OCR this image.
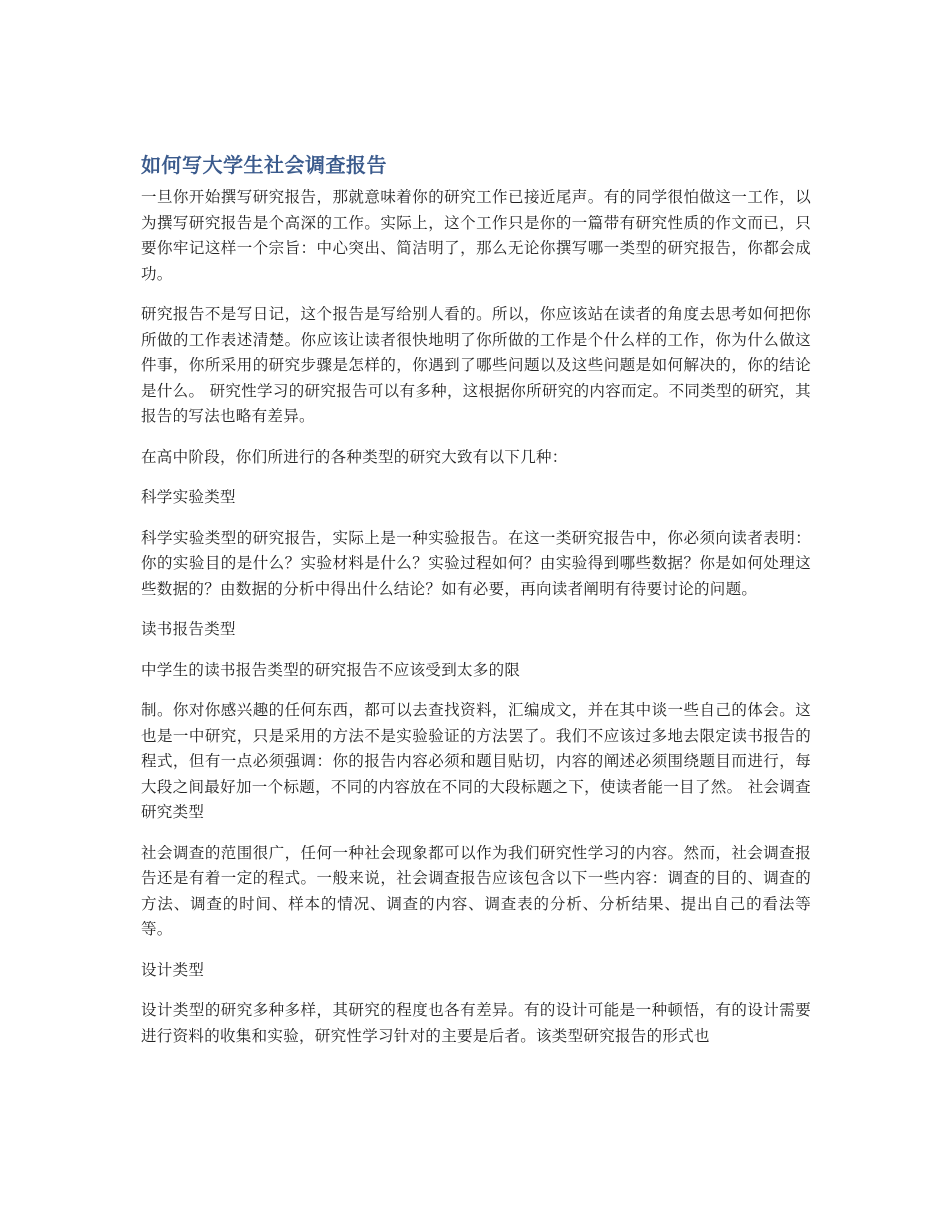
如何写大学生社会调查报告

一旦你开始撰写研究报告，那就意味着你的研究工作已接近尾声。有的同学很怕做这一工作，以为撰写研究报告是个高深的工作。实际上，这个工作只是你的一篇带有研究性质的作文而已，只要你牢记这样一个宗旨：中心突出、简洁明了，那么无论你撰写哪一类型的研究报告，你都会成功。

研究报告不是写日记，这个报告是写给别人看的。所以，你应该站在读者的角度去思考如何把你所做的工作表述清楚。你应该让读者很快地明了你所做的工作是个什么样的工作，你为什么做这件事，你所采用的研究步骤是怎样的，你遇到了哪些问题以及这些问题是如何解决的，你的结论是什么。 研究性学习的研究报告可以有多种，这根据你所研究的内容而定。不同类型的研究，其报告的写法也略有差异。

在高中阶段，你们所进行的各种类型的研究大致有以下几种：

科学实验类型

科学实验类型的研究报告，实际上是一种实验报告。在这一类研究报告中，你必须向读者表明：你的实验目的是什么？实验材料是什么？实验过程如何？由实验得到哪些数据？你是如何处理这些数据的？由数据的分析中得出什么结论？如有必要，再向读者阐明有待要讨论的问题。

读书报告类型

中学生的读书报告类型的研究报告不应该受到太多的限

制。你对你感兴趣的任何东西，都可以去查找资料，汇编成文，并在其中谈一些自己的体会。这也是一中研究，只是采用的方法不是实验验证的方法罢了。我们不应该过多地去限定读书报告的程式，但有一点必须强调：你的报告内容必须和题目贴切，内容的阐述必须围绕题目而进行，每大段之间最好加一个标题，不同的内容放在不同的大段标题之下，使读者能一目了然。 社会调查研究类型

社会调查的范围很广，任何一种社会现象都可以作为我们研究性学习的内容。然而，社会调查报告还是有着一定的程式。一般来说，社会调查报告应该包含以下一些内容：调查的目的、调查的方法、调查的时间、样本的情况、调查的内容、调查表的分析、分析结果、提出自己的看法等等。

设计类型

设计类型的研究多种多样，其研究的程度也各有差异。有的设计可能是一种顿悟，有的设计需要进行资料的收集和实验，研究性学习针对的主要是后者。该类型研究报告的形式也
